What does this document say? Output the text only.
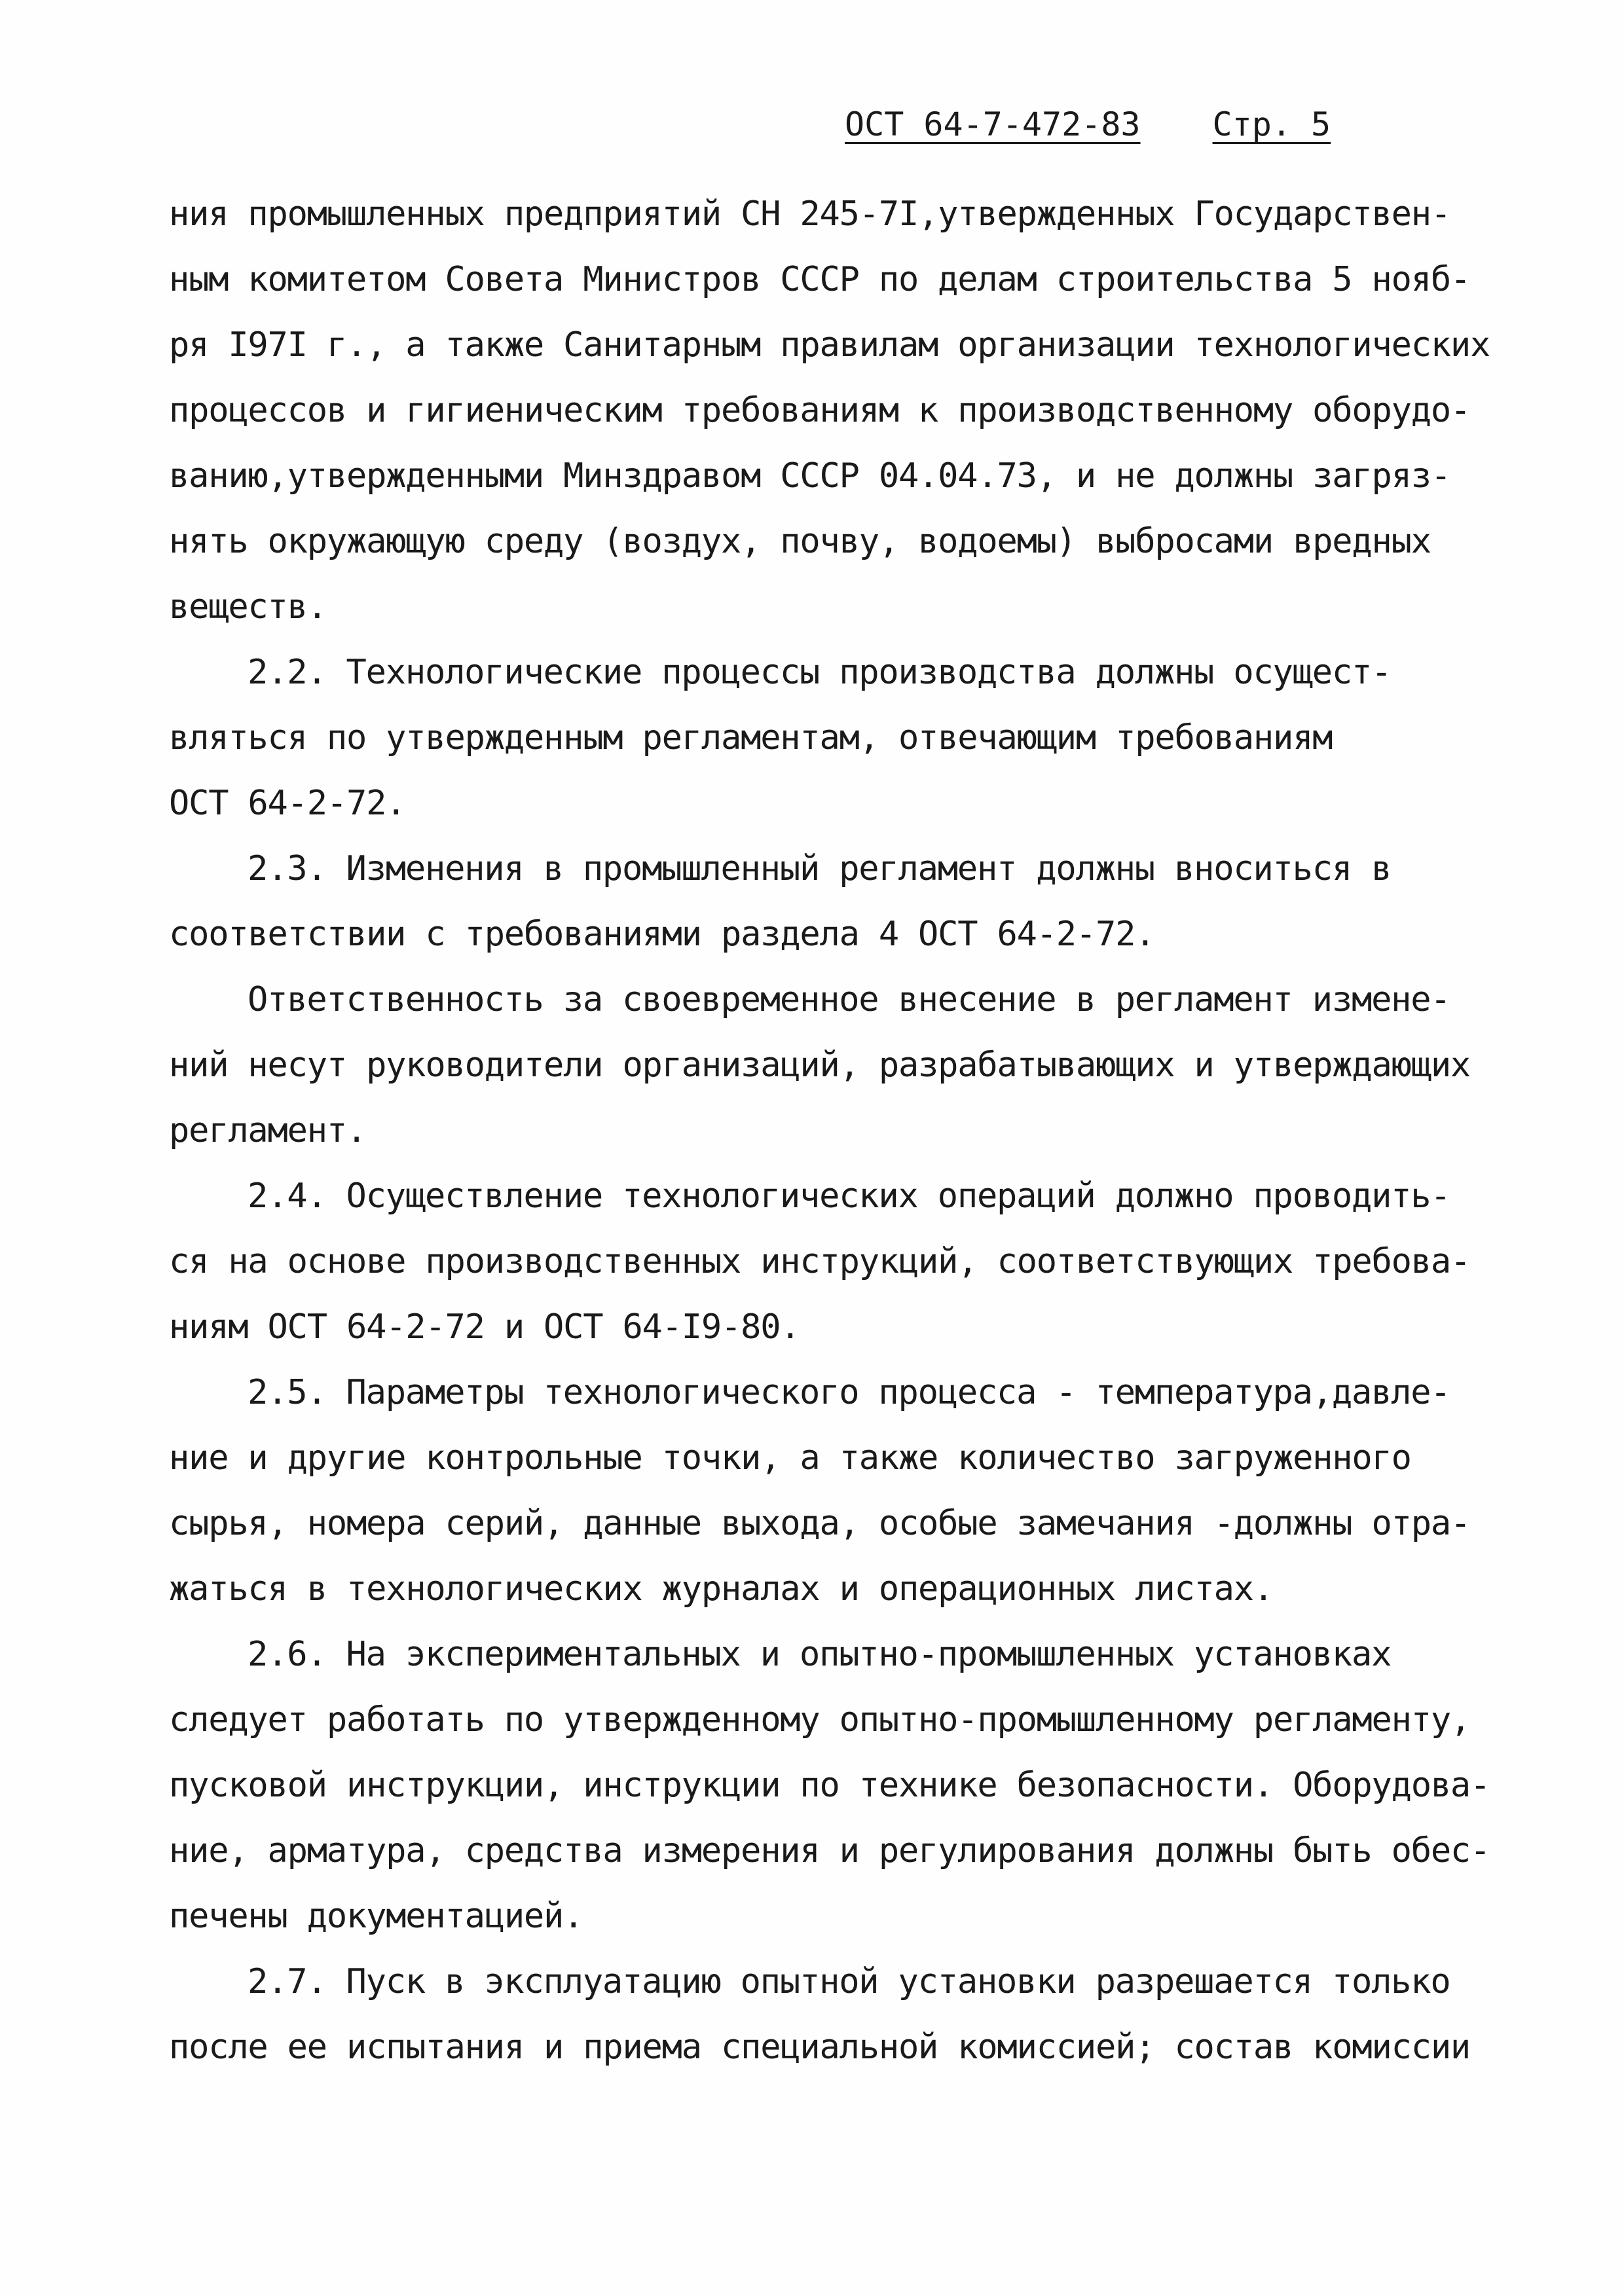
ОСТ 64-7-472-83 Стр. 5
ния промышленных предприятий СН 245-7I,утвержденных Государствен-
ным комитетом Совета Министров СССР по делам строительства 5 нояб-
ря I97I г., а также Санитарным правилам организации технологических
процессов и гигиеническим требованиям к производственному оборудо-
ванию,утвержденными Минздравом СССР 04.04.73, и не должны загряз-
нять окружающую среду (воздух, почву, водоемы) выбросами вредных
веществ.
2.2. Технологические процессы производства должны осущест-
вляться по утвержденным регламентам, отвечающим требованиям
ОСТ 64-2-72.
2.3. Изменения в промышленный регламент должны вноситься в
соответствии с требованиями раздела 4 ОСТ 64-2-72.
Ответственность за своевременное внесение в регламент измене-
ний несут руководители организаций, разрабатывающих и утверждающих
регламент.
2.4. Осуществление технологических операций должно проводить-
ся на основе производственных инструкций, соответствующих требова-
ниям ОСТ 64-2-72 и ОСТ 64-I9-80.
2.5. Параметры технологического процесса - температура,давле-
ние и другие контрольные точки, а также количество загруженного
сырья, номера серий, данные выхода, особые замечания -должны отра-
жаться в технологических журналах и операционных листах.
2.6. На экспериментальных и опытно-промышленных установках
следует работать по утвержденному опытно-промышленному регламенту,
пусковой инструкции, инструкции по технике безопасности. Оборудова-
ние, арматура, средства измерения и регулирования должны быть обес-
печены документацией.
2.7. Пуск в эксплуатацию опытной установки разрешается только
после ее испытания и приема специальной комиссией; состав комиссии
